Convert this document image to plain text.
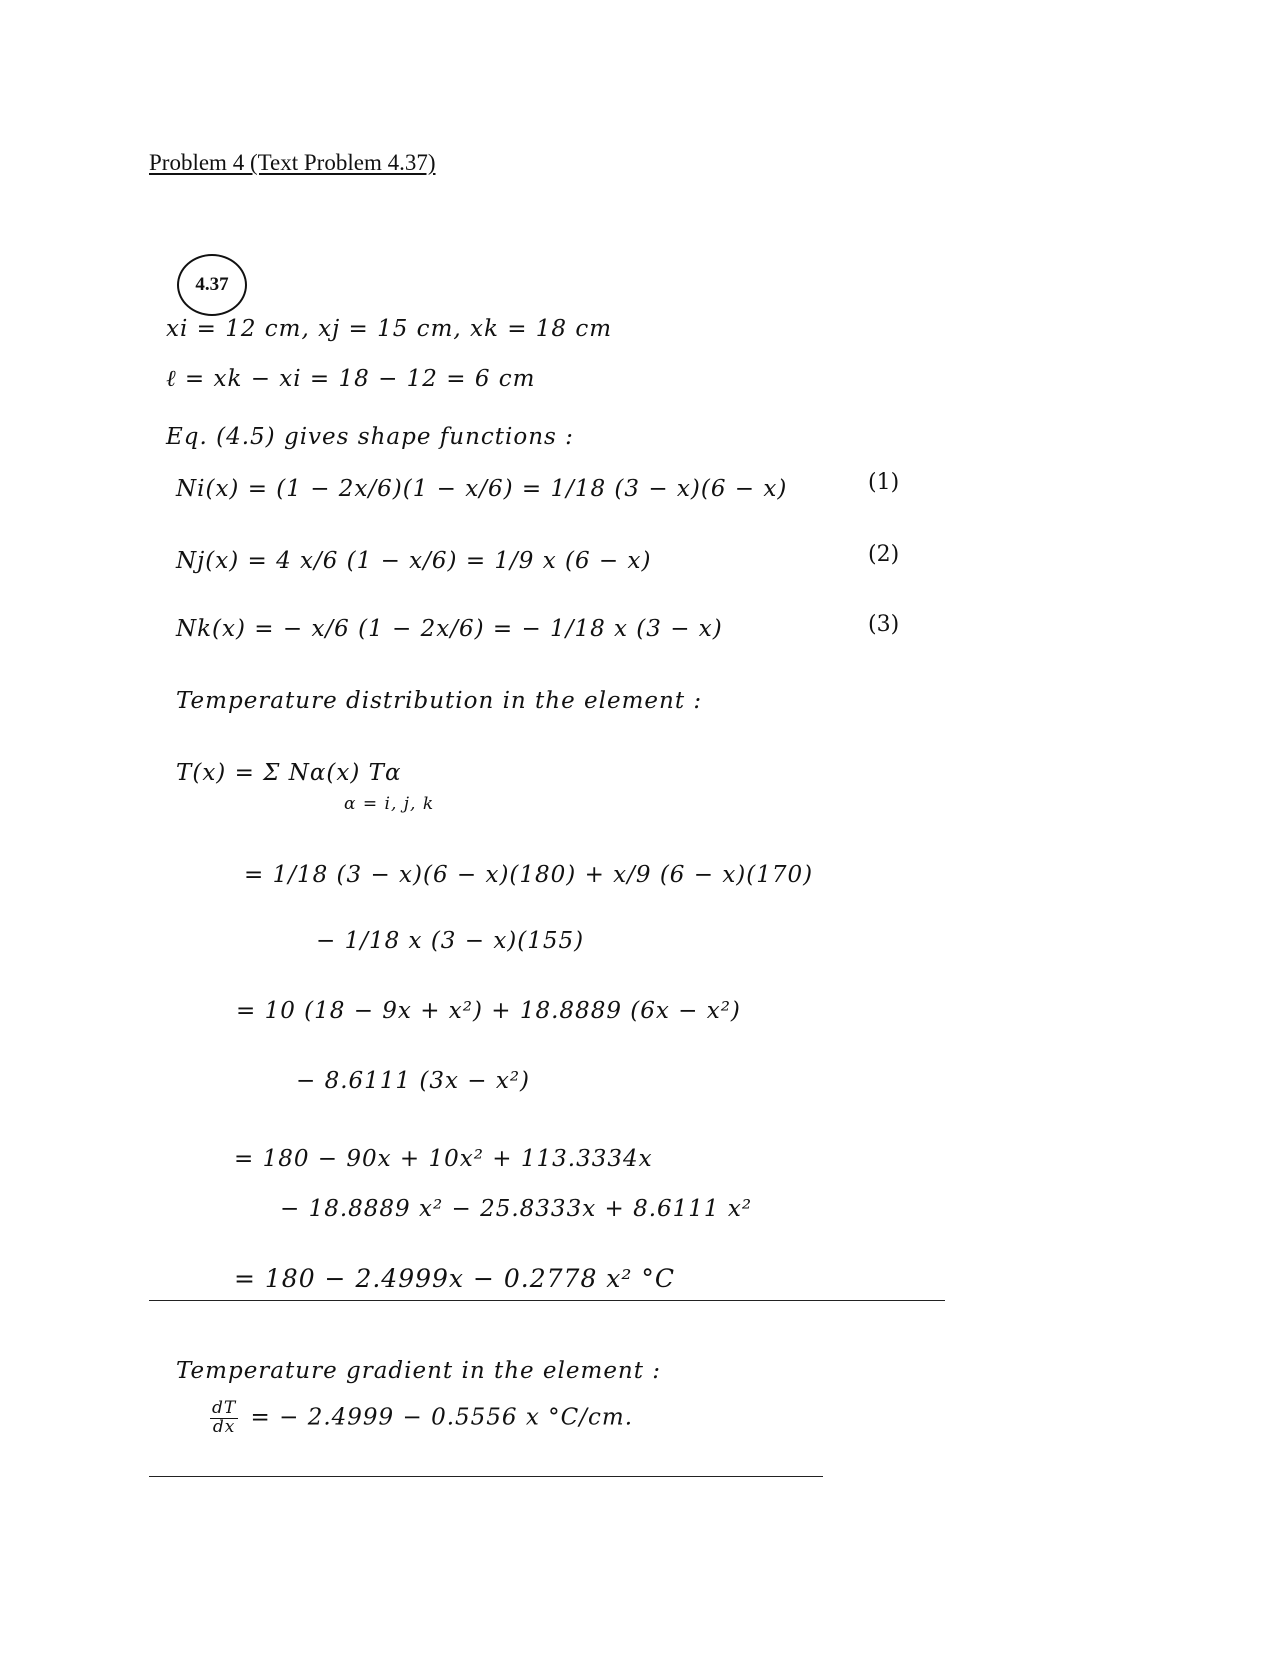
Problem 4 (Text Problem 4.37)
4.37
xi = 12 cm, xj = 15 cm, xk = 18 cm
ℓ = xk − xi = 18 − 12 = 6 cm
Eq. (4.5) gives shape functions :
Ni(x) = (1 − 2x/6)(1 − x/6) = 1/18 (3 − x)(6 − x)	(1)
Nj(x) = 4 x/6 (1 − x/6) = 1/9 x (6 − x)	(2)
Nk(x) = − x/6 (1 − 2x/6) = − 1/18 x (3 − x)	(3)
Temperature distribution in the element :
T(x) = Σ Nα(x) Tα
α = i, j, k
= 1/18 (3 − x)(6 − x)(180) + x/9 (6 − x)(170)
− 1/18 x (3 − x)(155)
= 10 (18 − 9x + x²) + 18.8889 (6x − x²)
− 8.6111 (3x − x²)
= 180 − 90x + 10x² + 113.3334x
− 18.8889 x² − 25.8333x + 8.6111 x²
= 180 − 2.4999x − 0.2778 x² °C
Temperature gradient in the element :
$\frac{dT}{dx}$ = − 2.4999 − 0.5556 x °C/cm.
